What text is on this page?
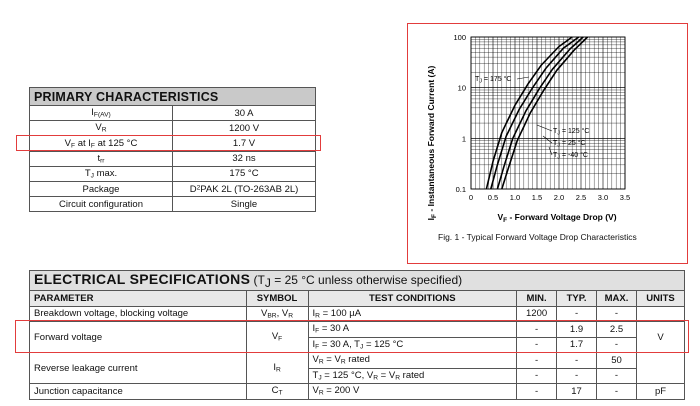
PRIMARY CHARACTERISTICS	
$I_{F(AV)}$	30 A
$V_R$	1200 V
$V_F$ at $I_F$ at 125 °C	1.7 V
$t_{rr}$	32 ns
$T_J$ max.	175 °C
Package	$D^2PAK$ 2L (TO-263AB 2L)
Circuit configuration	Single
0 0.5 1.0 1.5 2.0 2.5 3.0 3.5
0.1
1
10
100
$I_F$ - Instantaneous Forward Current (A)
$V_F$ - Forward Voltage Drop (V)
$T_J = 175$ °C
$T_J = 125$ °C
$T_J = 25$ °C
$T_J = -40$ °C
Fig. 1 - Typical Forward Voltage Drop Characteristics
ELECTRICAL SPECIFICATIONS ($T_J = 25$ °C unless otherwise specified)						
PARAMETER	SYMBOL	TEST CONDITIONS	MIN.	TYP.	MAX.	UNITS
Breakdown voltage, blocking voltage	$V_{BR}$, $V_R$	$I_R = 100$ µA	1200	-	-	
Forward voltage	$V_F$	$I_F = 30$ A	-	1.9	2.5	V
		$I_F = 30$ A, $T_J = 125$ °C	-	1.7	-	
Reverse leakage current	$I_R$	$V_R = V_R$ rated	-	-	50	
		$T_J = 125$ °C, $V_R = V_R$ rated	-	-	-	
Junction capacitance	$C_T$	$V_R = 200$ V	-	17	-	pF
